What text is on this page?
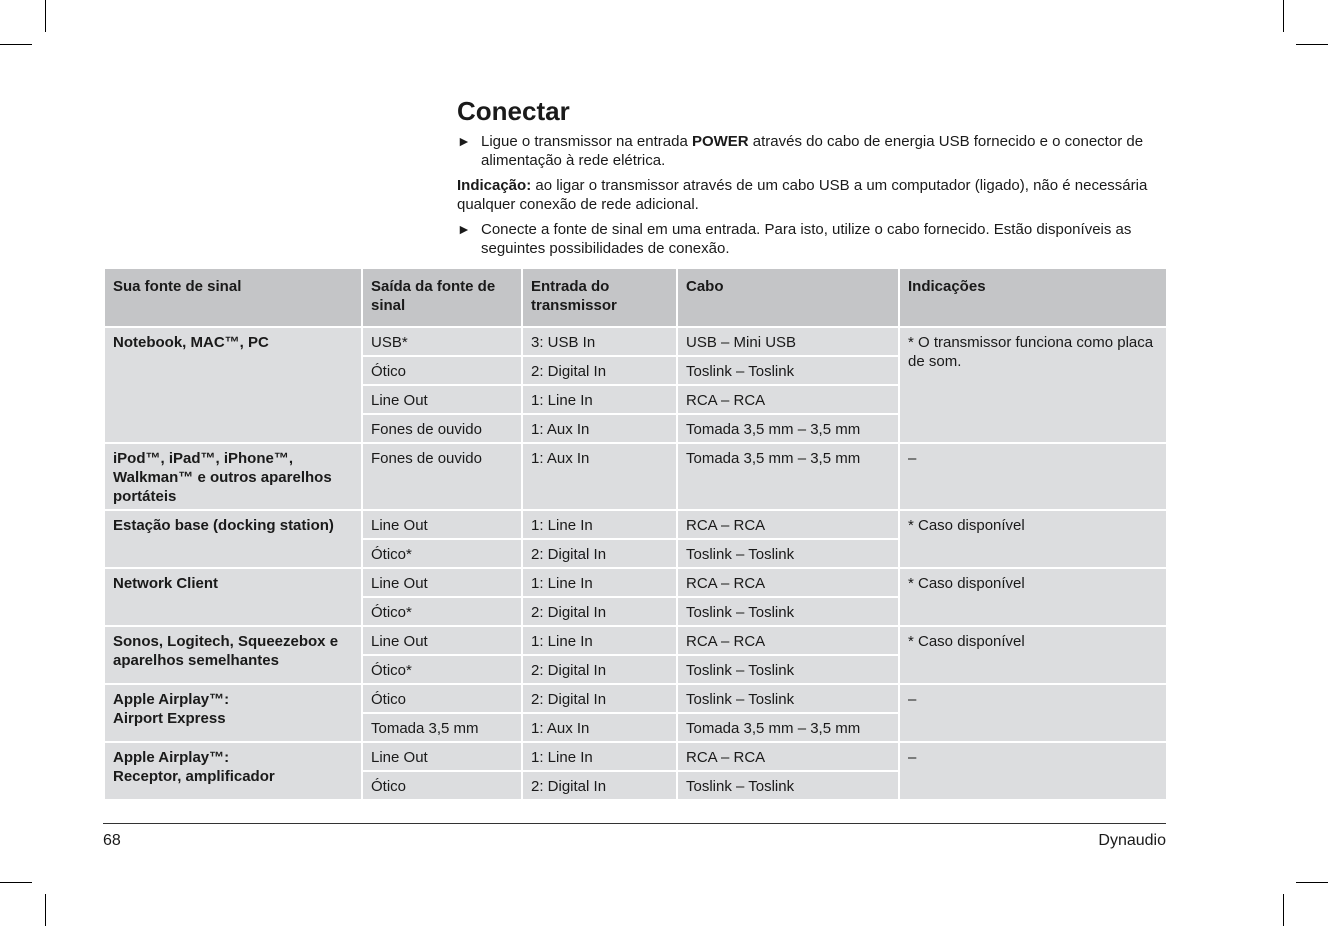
Conectar
► Ligue o transmissor na entrada POWER através do cabo de energia USB fornecido e o conector de alimentação à rede elétrica.
Indicação: ao ligar o transmissor através de um cabo USB a um computador (ligado), não é necessária qualquer conexão de rede adicional.
► Conecte a fonte de sinal em uma entrada. Para isto, utilize o cabo fornecido. Estão disponíveis as seguintes possibilidades de conexão.
Sua fonte de sinal	Saída da fonte de sinal	Entrada do transmissor	Cabo	Indicações
Notebook, MAC™, PC	USB*	3: USB In	USB – Mini USB	* O transmissor funciona como placa de som.
	Ótico	2: Digital In	Toslink – Toslink	
	Line Out	1: Line In	RCA – RCA	
	Fones de ouvido	1: Aux In	Tomada 3,5 mm – 3,5 mm	
iPod™, iPad™, iPhone™, Walkman™ e outros aparelhos portáteis	Fones de ouvido	1: Aux In	Tomada 3,5 mm – 3,5 mm	–
Estação base (docking station)	Line Out	1: Line In	RCA – RCA	* Caso disponível
	Ótico*	2: Digital In	Toslink – Toslink	
Network Client	Line Out	1: Line In	RCA – RCA	* Caso disponível
	Ótico*	2: Digital In	Toslink – Toslink	
Sonos, Logitech, Squeezebox e aparelhos semelhantes	Line Out	1: Line In	RCA – RCA	* Caso disponível
	Ótico*	2: Digital In	Toslink – Toslink	
Apple Airplay™:
Airport Express	Ótico	2: Digital In	Toslink – Toslink	–
	Tomada 3,5 mm	1: Aux In	Tomada 3,5 mm – 3,5 mm	
Apple Airplay™:
Receptor, amplificador	Line Out	1: Line In	RCA – RCA	–
	Ótico	2: Digital In	Toslink – Toslink	
68	Dynaudio
